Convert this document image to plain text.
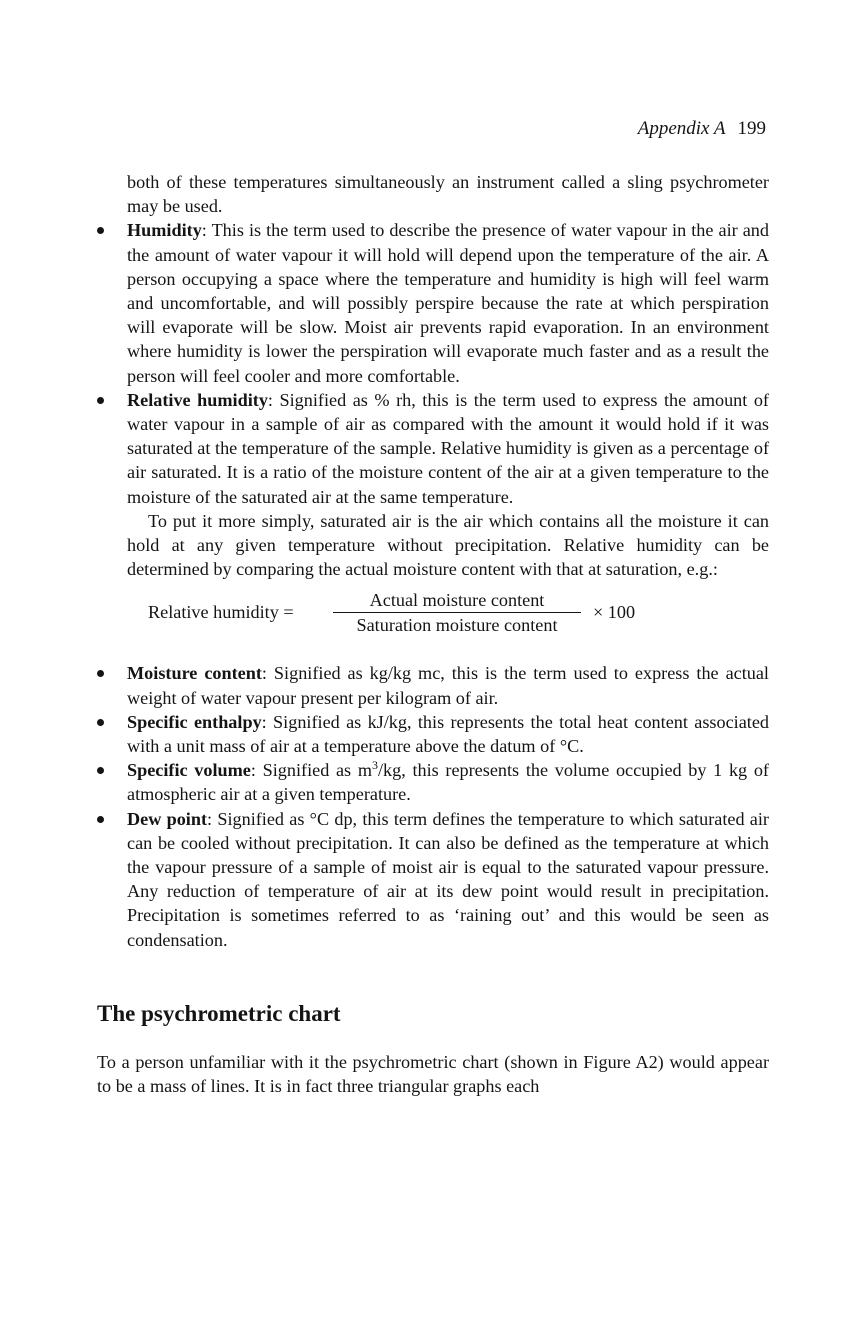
Appendix A 199

both of these temperatures simultaneously an instrument called a sling psychrometer may be used.

Humidity: This is the term used to describe the presence of water vapour in the air and the amount of water vapour it will hold will depend upon the temperature of the air. A person occupying a space where the temperature and humidity is high will feel warm and uncomfortable, and will possibly perspire because the rate at which perspiration will evaporate will be slow. Moist air prevents rapid evaporation. In an environment where humidity is lower the perspiration will evaporate much faster and as a result the person will feel cooler and more comfortable.

Relative humidity: Signified as % rh, this is the term used to express the amount of water vapour in a sample of air as compared with the amount it would hold if it was saturated at the temperature of the sample. Relative humidity is given as a percentage of air saturated. It is a ratio of the moisture content of the air at a given temperature to the moisture of the saturated air at the same temperature.

To put it more simply, saturated air is the air which contains all the moisture it can hold at any given temperature without precipitation. Relative humidity can be determined by comparing the actual moisture content with that at saturation, e.g.:

Relative humidity =
Actual moisture content
Saturation moisture content
× 100

Moisture content: Signified as kg/kg mc, this is the term used to express the actual weight of water vapour present per kilogram of air.

Specific enthalpy: Signified as kJ/kg, this represents the total heat content associated with a unit mass of air at a temperature above the datum of °C.

Specific volume: Signified as $m^3/kg$, this represents the volume occupied by 1 kg of atmospheric air at a given temperature.

Dew point: Signified as °C dp, this term defines the temperature to which saturated air can be cooled without precipitation. It can also be defined as the temperature at which the vapour pressure of a sample of moist air is equal to the saturated vapour pressure. Any reduction of temperature of air at its dew point would result in precipitation. Precipitation is sometimes referred to as ‘raining out’ and this would be seen as condensation.

The psychrometric chart

To a person unfamiliar with it the psychrometric chart (shown in Figure A2) would appear to be a mass of lines. It is in fact three triangular graphs each
